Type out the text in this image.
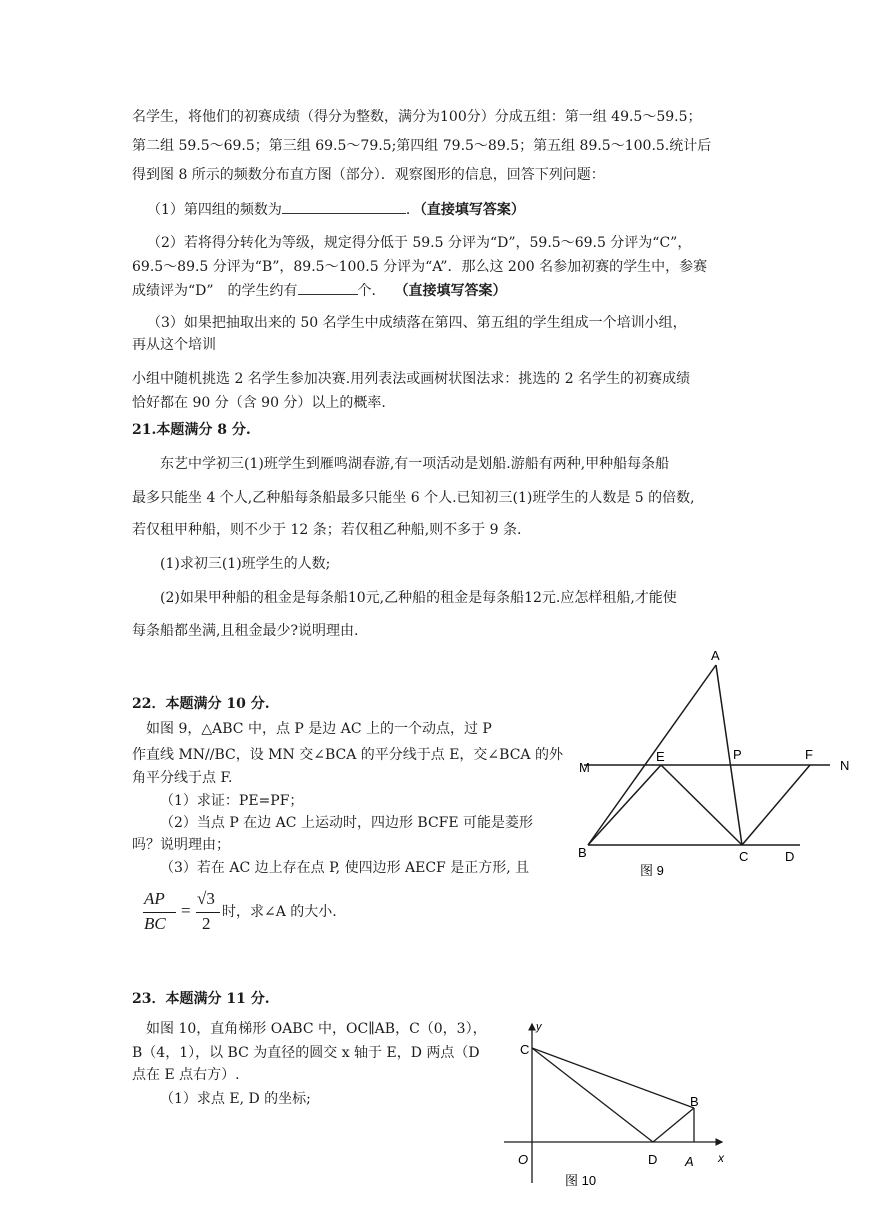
名学生，将他们的初赛成绩（得分为整数，满分为100分）分成五组：第一组 49.5～59.5；
第二组 59.5～69.5；第三组 69.5～79.5;第四组 79.5～89.5；第五组 89.5～100.5.统计后
得到图 8 所示的频数分布直方图（部分）．观察图形的信息，回答下列问题：
（1）第四组的频数为	．（直接填写答案）
（2）若将得分转化为等级，规定得分低于 59.5 分评为“D”，59.5～69.5 分评为“C”，
69.5～89.5 分评为“B”，89.5～100.5 分评为“A”．那么这 200 名参加初赛的学生中，参赛
成绩评为“D”　的学生约有	个． （直接填写答案）
（3）如果把抽取出来的 50 名学生中成绩落在第四、第五组的学生组成一个培训小组，
再从这个培训
小组中随机挑选 2 名学生参加决赛.用列表法或画树状图法求：挑选的 2 名学生的初赛成绩
恰好都在 90 分（含 90 分）以上的概率.
21.本题满分 8 分.
东艺中学初三(1)班学生到雁鸣湖春游,有一项活动是划船.游船有两种,甲种船每条船
最多只能坐 4 个人,乙种船每条船最多只能坐 6 个人.已知初三(1)班学生的人数是 5 的倍数,
若仅租甲种船，则不少于 12 条；若仅租乙种船,则不多于 9 条.
(1)求初三(1)班学生的人数;
(2)如果甲种船的租金是每条船10元,乙种船的租金是每条船12元.应怎样租船,才能使
每条船都坐满,且租金最少?说明理由.
22．本题满分 10 分.
如图 9，△ABC 中，点 P 是边 AC 上的一个动点，过 P
作直线 MN//BC，设 MN 交∠BCA 的平分线于点 E，交∠BCA 的外
角平分线于点 F.
（1）求证：PE=PF；
（2）当点 P 在边 AC 上运动时，四边形 BCFE 可能是菱形
吗？说明理由；
（3）若在 AC 边上存在点 P, 使四边形 AECF 是正方形, 且
AP
BC
=
√3
2
时，求∠A 的大小.
A
M
E	P	F
N
B	C	D
图 9
23．本题满分 11 分.
如图 10，直角梯形 OABC 中，OC∥AB，C（0，3），
B（4，1），以 BC 为直径的圆交 x 轴于 E，D 两点（D
点在 E 点右方）.
（1）求点 E, D 的坐标;
y
C
B
O	D A x
图 10
